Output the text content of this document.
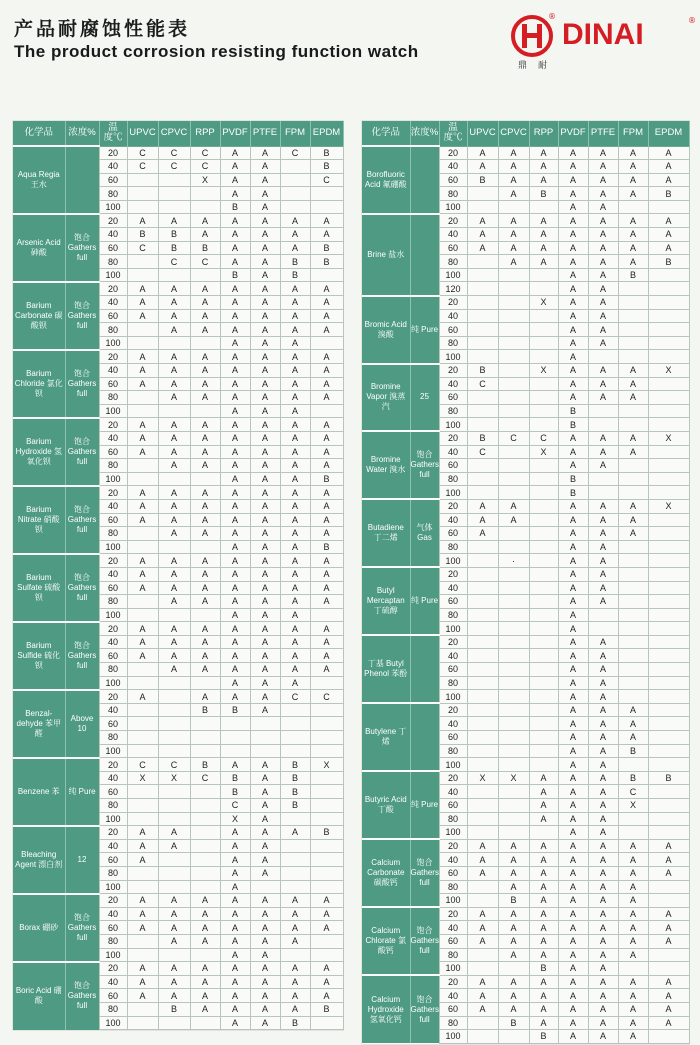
产品耐腐蚀性能表
The product corrosion resisting function watch
®
DINAI	®
鼎耐
化学品	浓度%	温度℃	UPVC	CPVC	RPP	PVDF	PTFE	FPM	EPDM
Aqua Regia 王水		20	C	C	C	A	A	C	B
		40	C	C	C	A	A		B
		60			X	A	A		C
		80				A	A		
		100				B	A		
Arsenic Acid 砷酸	饱合 Gathers full	20	A	A	A	A	A	A	A
		40	B	B	A	A	A	A	A
		60	C	B	B	A	A	A	B
		80		C	C	A	A	B	B
		100				B	A	B	
Barium Carbonate 碳酸钡	饱合 Gathers full	20	A	A	A	A	A	A	A
		40	A	A	A	A	A	A	A
		60	A	A	A	A	A	A	A
		80		A	A	A	A	A	A
		100				A	A	A	
Barium Chloride 氯化钡	饱合 Gathers full	20	A	A	A	A	A	A	A
		40	A	A	A	A	A	A	A
		60	A	A	A	A	A	A	A
		80		A	A	A	A	A	A
		100				A	A	A	
Barium Hydroxide 氢氧化钡	饱合 Gathers full	20	A	A	A	A	A	A	A
		40	A	A	A	A	A	A	A
		60	A	A	A	A	A	A	A
		80		A	A	A	A	A	A
		100				A	A	A	B
Barium Nitrate 硝酸钡	饱合 Gathers full	20	A	A	A	A	A	A	A
		40	A	A	A	A	A	A	A
		60	A	A	A	A	A	A	A
		80		A	A	A	A	A	A
		100				A	A	A	B
Barium Sulfate 硫酸钡	饱合 Gathers full	20	A	A	A	A	A	A	A
		40	A	A	A	A	A	A	A
		60	A	A	A	A	A	A	A
		80		A	A	A	A	A	A
		100				A	A	A	
Barium Sulfide 硫化钡	饱合 Gathers full	20	A	A	A	A	A	A	A
		40	A	A	A	A	A	A	A
		60	A	A	A	A	A	A	A
		80		A	A	A	A	A	A
		100				A	A	A	
Benzal- dehyde 苯甲醛	Above 10	20	A		A	A	A	C	C
		40			B	B	A		
		60							
		80							
		100							
Benzene 苯	纯 Pure	20	C	C	B	A	A	B	X
		40	X	X	C	B	A	B	
		60				B	A	B	
		80				C	A	B	
		100				X	A		
Bleaching Agent 漂白剂	12	20	A	A		A	A	A	B
		40	A	A		A	A		
		60	A			A	A		
		80				A	A		
		100				A			
Borax 硼砂	饱合 Gathers full	20	A	A	A	A	A	A	A
		40	A	A	A	A	A	A	A
		60	A	A	A	A	A	A	A
		80		A	A	A	A	A	
		100				A	A		
Boric Acid 硼酸	饱合 Gathers full	20	A	A	A	A	A	A	A
		40	A	A	A	A	A	A	A
		60	A	A	A	A	A	A	A
		80		B	A	A	A	A	B
		100				A	A	B	
化学品	浓度%	温度℃	UPVC	CPVC	RPP	PVDF	PTFE	FPM	EPDM
Borofluoric Acid 氟硼酸		20	A	A	A	A	A	A	A
		40	A	A	A	A	A	A	A
		60	B	A	A	A	A	A	A
		80		A	B	A	A	A	B
		100				A	A		
Brine 盐水		20	A	A	A	A	A	A	A
		40	A	A	A	A	A	A	A
		60	A	A	A	A	A	A	A
		80		A	A	A	A	A	B
		100				A	A	B	
		120				A	A		
Bromic Acid 溴酸	纯 Pure	20			X	A	A		
		40				A	A		
		60				A	A		
		80				A	A		
		100				A			
Bromine Vapor 溴蒸汽	25	20	B		X	A	A	A	X
		40	C			A	A	A	
		60				A	A	A	
		80				B			
		100				B			
Bromine Water 溴水	饱合 Gathers full	20	B	C	C	A	A	A	X
		40	C		X	A	A	A	
		60				A	A		
		80				B			
		100				B			
Butadiene 丁二烯	气体 Gas	20	A	A		A	A	A	X
		40	A	A		A	A	A	
		60	A			A	A	A	
		80				A	A		
		100		·		A	A		
Butyl Mercaptan 丁硫醇	纯 Pure	20				A	A		
		40				A	A		
		60				A	A		
		80				A			
		100				A			
丁基 Butyl Phenol 苯酚		20				A	A		
		40				A	A		
		60				A	A		
		80				A	A		
		100				A	A		
Butylene 丁烯		20				A	A	A	
		40				A	A	A	
		60				A	A	A	
		80				A	A	B	
		100				A	A		
Butyric Acid 丁酸	纯 Pure	20	X	X	A	A	A	B	B
		40			A	A	A	C	
		60			A	A	A	X	
		80			A	A	A		
		100				A	A		
Calcium Carbonate 碳酸钙	饱合 Gathers full	20	A	A	A	A	A	A	A
		40	A	A	A	A	A	A	A
		60	A	A	A	A	A	A	A
		80		A	A	A	A	A	
		100		B	A	A	A	A	
Calcium Chlorate 氯酸钙	饱合 Gathers full	20	A	A	A	A	A	A	A
		40	A	A	A	A	A	A	A
		60	A	A	A	A	A	A	A
		80		A	A	A	A	A	
		100			B	A	A		
Calcium Hydroxide 氢氧化钙	饱合 Gathers full	20	A	A	A	A	A	A	A
		40	A	A	A	A	A	A	A
		60	A	A	A	A	A	A	A
		80		B	A	A	A	A	A
		100			B	A	A	A	
